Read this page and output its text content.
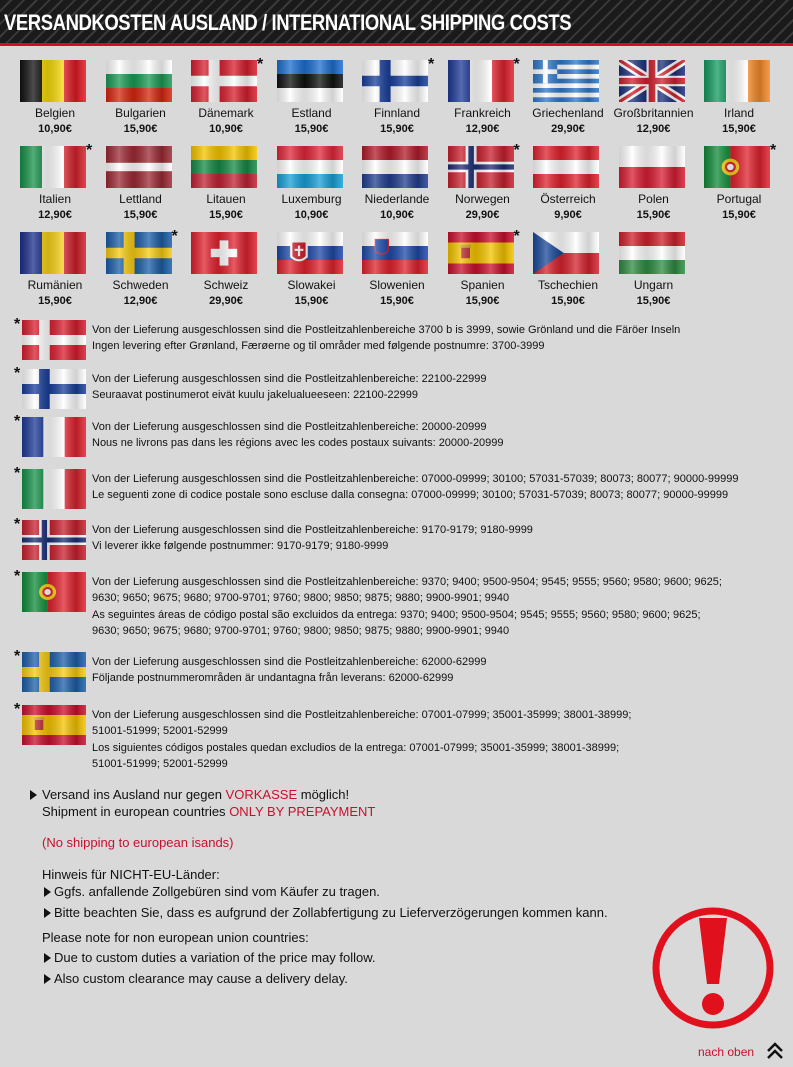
VERSANDKOSTEN AUSLAND / INTERNATIONAL SHIPPING COSTS
Belgien
10,90€
Bulgarien
15,90€
*
Dänemark
10,90€
Estland
15,90€
*
Finnland
15,90€
*
Frankreich
12,90€
Griechenland
29,90€
Großbritannien
12,90€
Irland
15,90€
*
Italien
12,90€
Lettland
15,90€
Litauen
15,90€
Luxemburg
10,90€
Niederlande
10,90€
*
Norwegen
29,90€
Österreich
9,90€
Polen
15,90€
*
Portugal
15,90€
Rumänien
15,90€
*
Schweden
12,90€
Schweiz
29,90€
Slowakei
15,90€
Slowenien
15,90€
*
Spanien
15,90€
Tschechien
15,90€
Ungarn
15,90€
*	Von der Lieferung ausgeschlossen sind die Postleitzahlenbereiche 3700 b is 3999, sowie Grönland und die Färöer Inseln
Ingen levering efter Grønland, Færøerne og til områder med følgende postnumre: 3700-3999
*	Von der Lieferung ausgeschlossen sind die Postleitzahlenbereiche: 22100-22999
Seuraavat postinumerot eivät kuulu jakelualueeseen: 22100-22999
*	Von der Lieferung ausgeschlossen sind die Postleitzahlenbereiche: 20000-20999
Nous ne livrons pas dans les régions avec les codes postaux suivants: 20000-20999
*	Von der Lieferung ausgeschlossen sind die Postleitzahlenbereiche: 07000-09999; 30100; 57031-57039; 80073; 80077; 90000-99999
Le seguenti zone di codice postale sono escluse dalla consegna: 07000-09999; 30100; 57031-57039; 80073; 80077; 90000-99999
*	Von der Lieferung ausgeschlossen sind die Postleitzahlenbereiche: 9170-9179; 9180-9999
Vi leverer ikke følgende postnummer: 9170-9179; 9180-9999
*	Von der Lieferung ausgeschlossen sind die Postleitzahlenbereiche: 9370; 9400; 9500-9504; 9545; 9555; 9560; 9580; 9600; 9625;
9630; 9650; 9675; 9680; 9700-9701; 9760; 9800; 9850; 9875; 9880; 9900-9901; 9940
As seguintes áreas de código postal são excluidos da entrega: 9370; 9400; 9500-9504; 9545; 9555; 9560; 9580; 9600; 9625;
9630; 9650; 9675; 9680; 9700-9701; 9760; 9800; 9850; 9875; 9880; 9900-9901; 9940
*	Von der Lieferung ausgeschlossen sind die Postleitzahlenbereiche: 62000-62999
Följande postnummerområden är undantagna från leverans: 62000-62999
*	Von der Lieferung ausgeschlossen sind die Postleitzahlenbereiche: 07001-07999; 35001-35999; 38001-38999;
51001-51999; 52001-52999
Los siguientes códigos postales quedan excludios de la entrega: 07001-07999; 35001-35999; 38001-38999;
51001-51999; 52001-52999
Versand ins Ausland nur gegen VORKASSE möglich!
Shipment in european countries ONLY BY PREPAYMENT
(No shipping to european isands)
Hinweis für NICHT-EU-Länder:
Ggfs. anfallende Zollgebüren sind vom Käufer zu tragen.
Bitte beachten Sie, dass es aufgrund der Zollabfertigung zu Lieferverzögerungen kommen kann.
Please note for non european union countries:
Due to custom duties a variation of the price may follow.
Also custom clearance may cause a delivery delay.
nach oben
